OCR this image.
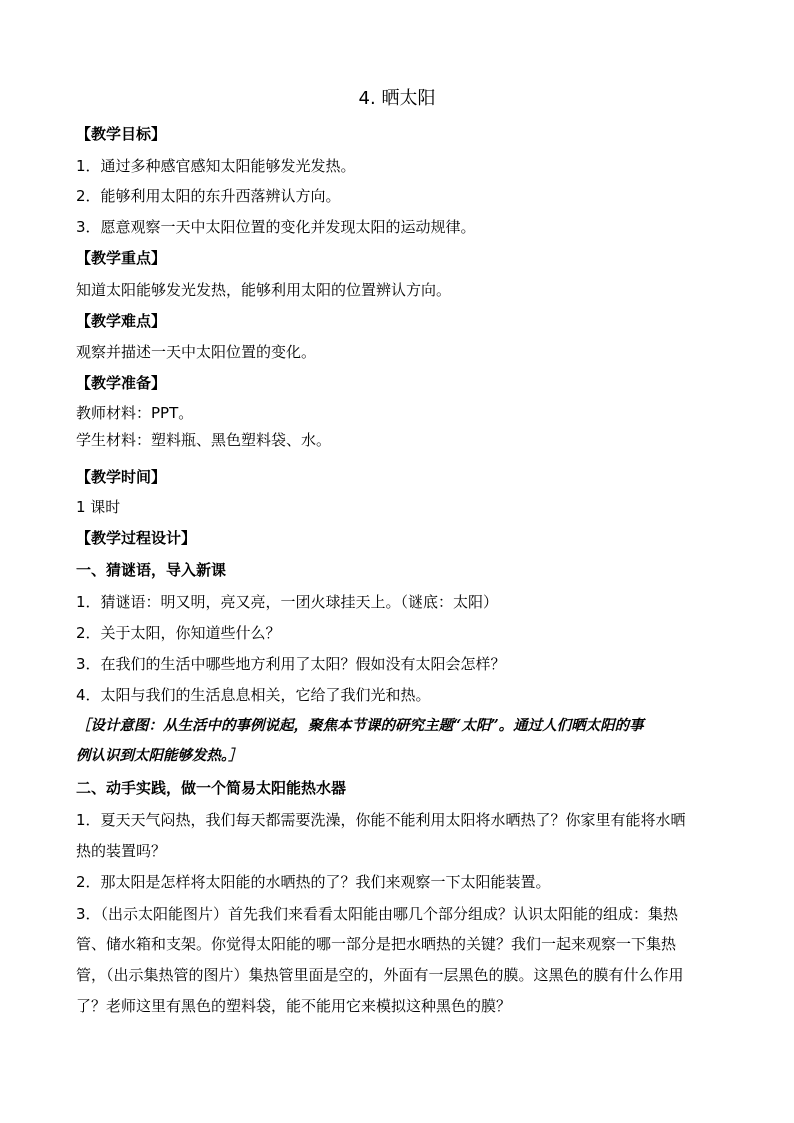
4. 晒太阳
【教学目标】
1．通过多种感官感知太阳能够发光发热。
2．能够利用太阳的东升西落辨认方向。
3．愿意观察一天中太阳位置的变化并发现太阳的运动规律。
【教学重点】
知道太阳能够发光发热，能够利用太阳的位置辨认方向。
【教学难点】
观察并描述一天中太阳位置的变化。
【教学准备】
教师材料：PPT。
学生材料：塑料瓶、黑色塑料袋、水。
【教学时间】
1 课时
【教学过程设计】
一、猜谜语，导入新课
1．猜谜语：明又明，亮又亮，一团火球挂天上。（谜底：太阳）
2．关于太阳，你知道些什么？
3．在我们的生活中哪些地方利用了太阳？假如没有太阳会怎样？
4．太阳与我们的生活息息相关，它给了我们光和热。
［设计意图：从生活中的事例说起，聚焦本节课的研究主题“太阳”。通过人们晒太阳的事
例认识到太阳能够发热。］
二、动手实践，做一个简易太阳能热水器
1．夏天天气闷热，我们每天都需要洗澡，你能不能利用太阳将水晒热了？你家里有能将水晒
热的装置吗？
2．那太阳是怎样将太阳能的水晒热的了？我们来观察一下太阳能装置。
3．（出示太阳能图片）首先我们来看看太阳能由哪几个部分组成？认识太阳能的组成：集热
管、储水箱和支架。你觉得太阳能的哪一部分是把水晒热的关键？我们一起来观察一下集热
管，（出示集热管的图片）集热管里面是空的，外面有一层黑色的膜。这黑色的膜有什么作用
了？老师这里有黑色的塑料袋，能不能用它来模拟这种黑色的膜？
